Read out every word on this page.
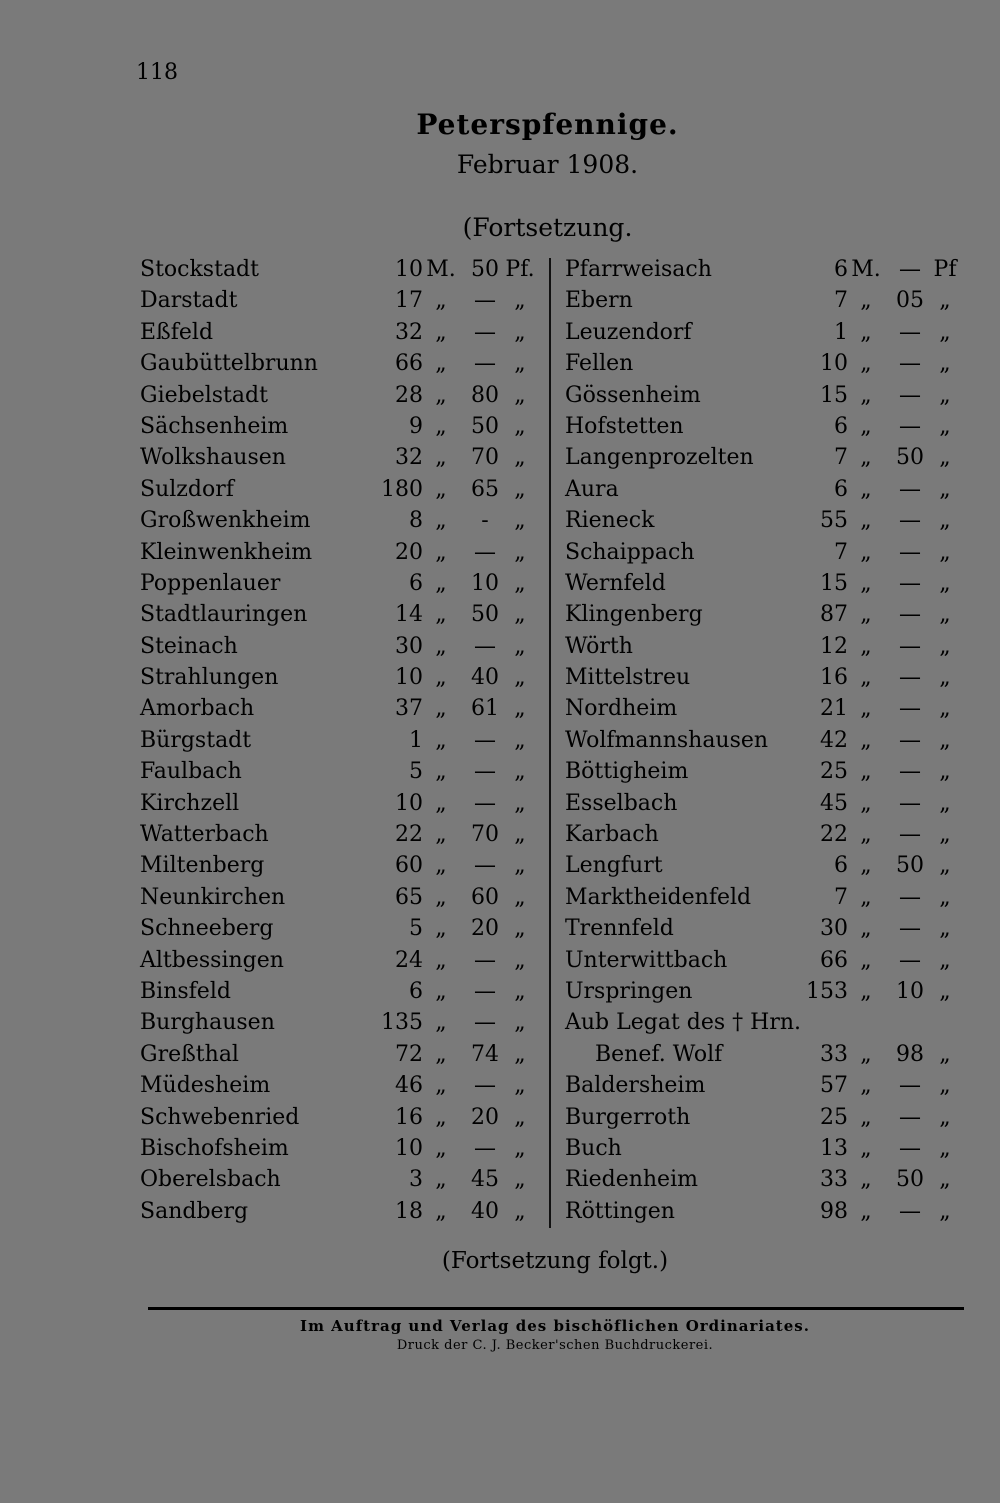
118
Peterspfennige.
Februar 1908.
(Fortsetzung.
Stockstadt	10 M. 50 Pf.
Darstadt	17 „	— „
Eßfeld	32 „	— „
Gaubüttelbrunn	66 „	— „
Giebelstadt	28 „	80 „
Sächsenheim	9 „	50 „
Wolkshausen	32 „	70 „
Sulzdorf	180 „	65 „
Großwenkheim	8 „	-	„
Kleinwenkheim	20 „	— „
Poppenlauer	6 „	10 „
Stadtlauringen	14 „	50 „
Steinach	30 „	— „
Strahlungen	10 „	40 „
Amorbach	37 „	61 „
Bürgstadt	1 „	— „
Faulbach	5 „	— „
Kirchzell	10 „	— „
Watterbach	22 „	70 „
Miltenberg	60 „	— „
Neunkirchen	65 „	60 „
Schneeberg	5 „	20 „
Altbessingen	24 „	— „
Binsfeld	6 „	— „
Burghausen	135 „	— „
Greßthal	72 „	74 „
Müdesheim	46 „	— „
Schwebenried	16 „	20 „
Bischofsheim	10 „	— „
Oberelsbach	3 „	45 „
Sandberg	18 „	40 „
Pfarrweisach	6 M. — Pf
Ebern	7 „	05 „
Leuzendorf	1 „	— „
Fellen	10 „	— „
Gössenheim	15 „	— „
Hofstetten	6 „	— „
Langenprozelten	7 „	50 „
Aura	6 „	— „
Rieneck	55 „	— „
Schaippach	7 „	— „
Wernfeld	15 „	— „
Klingenberg	87 „	— „
Wörth	12 „	— „
Mittelstreu	16 „	— „
Nordheim	21 „	— „
Wolfmannshausen	42 „	— „
Böttigheim	25 „	— „
Esselbach	45 „	— „
Karbach	22 „	— „
Lengfurt	6 „	50 „
Marktheidenfeld	7 „	— „
Trennfeld	30 „	— „
Unterwittbach	66 „	— „
Urspringen	153 „	10 „
Aub Legat des † Hrn.
Benef. Wolf	33 „	98 „
Baldersheim	57 „	— „
Burgerroth	25 „	— „
Buch	13 „	— „
Riedenheim	33 „	50 „
Röttingen	98 „	— „
(Fortsetzung folgt.)
Im Auftrag und Verlag des bischöflichen Ordinariates.
Druck der C. J. Becker'schen Buchdruckerei.
